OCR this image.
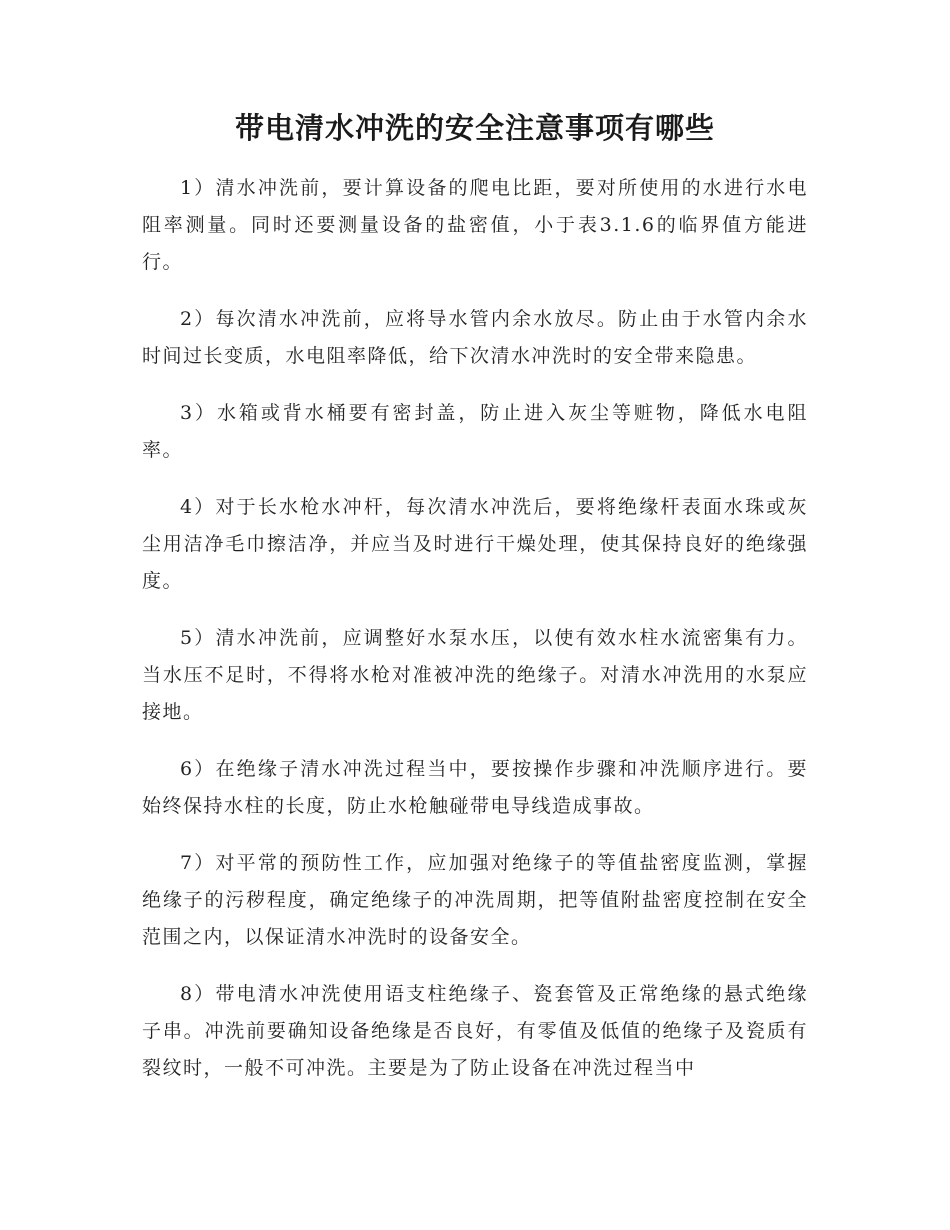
带电清水冲洗的安全注意事项有哪些

1）清水冲洗前，要计算设备的爬电比距，要对所使用的水进行水电阻率测量。同时还要测量设备的盐密值，小于表3.1.6的临界值方能进行。

2）每次清水冲洗前，应将导水管内余水放尽。防止由于水管内余水时间过长变质，水电阻率降低，给下次清水冲洗时的安全带来隐患。

3）水箱或背水桶要有密封盖，防止进入灰尘等赃物，降低水电阻率。

4）对于长水枪水冲杆，每次清水冲洗后，要将绝缘杆表面水珠或灰尘用洁净毛巾擦洁净，并应当及时进行干燥处理，使其保持良好的绝缘强度。

5）清水冲洗前，应调整好水泵水压，以使有效水柱水流密集有力。当水压不足时，不得将水枪对准被冲洗的绝缘子。对清水冲洗用的水泵应接地。

6）在绝缘子清水冲洗过程当中，要按操作步骤和冲洗顺序进行。要始终保持水柱的长度，防止水枪触碰带电导线造成事故。

7）对平常的预防性工作，应加强对绝缘子的等值盐密度监测，掌握绝缘子的污秽程度，确定绝缘子的冲洗周期，把等值附盐密度控制在安全范围之内，以保证清水冲洗时的设备安全。

8）带电清水冲洗使用语支柱绝缘子、瓷套管及正常绝缘的悬式绝缘子串。冲洗前要确知设备绝缘是否良好，有零值及低值的绝缘子及瓷质有裂纹时，一般不可冲洗。主要是为了防止设备在冲洗过程当中
